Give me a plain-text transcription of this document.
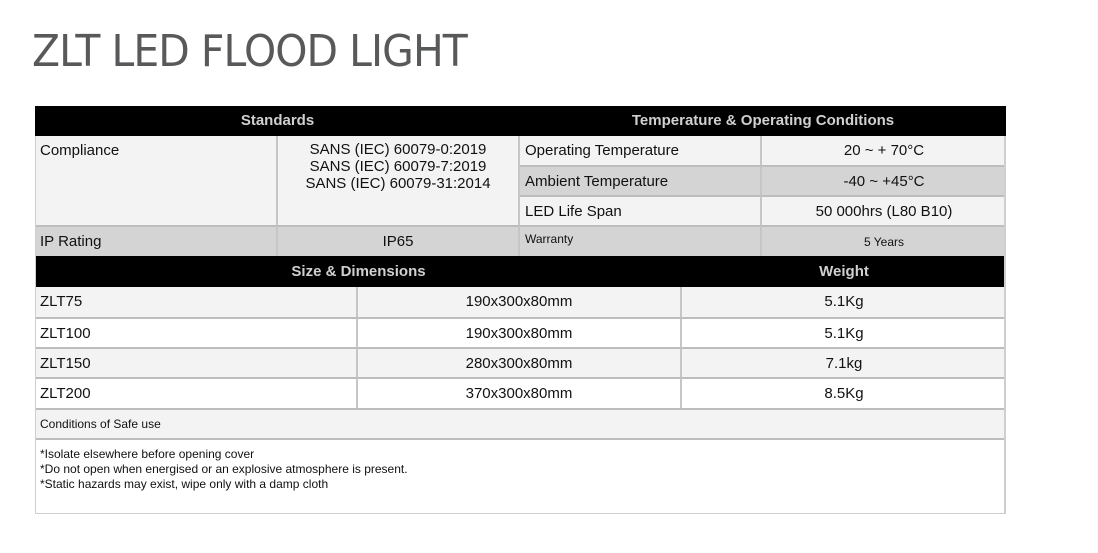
ZLT LED FLOOD LIGHT
Standards	Temperature & Operating Conditions
Compliance	SANS (IEC) 60079-0:2019
SANS (IEC) 60079-7:2019
SANS (IEC) 60079-31:2014
Operating Temperature	20 ~ + 70°C
Ambient Temperature	-40 ~ +45°C
LED Life Span	50 000hrs (L80 B10)
IP Rating	IP65	Warranty	5 Years
Size & Dimensions	Weight
ZLT75	190x300x80mm	5.1Kg
ZLT100	190x300x80mm	5.1Kg
ZLT150	280x300x80mm	7.1kg
ZLT200	370x300x80mm	8.5Kg
Conditions of Safe use
*Isolate elsewhere before opening cover
*Do not open when energised or an explosive atmosphere is present.
*Static hazards may exist, wipe only with a damp cloth
